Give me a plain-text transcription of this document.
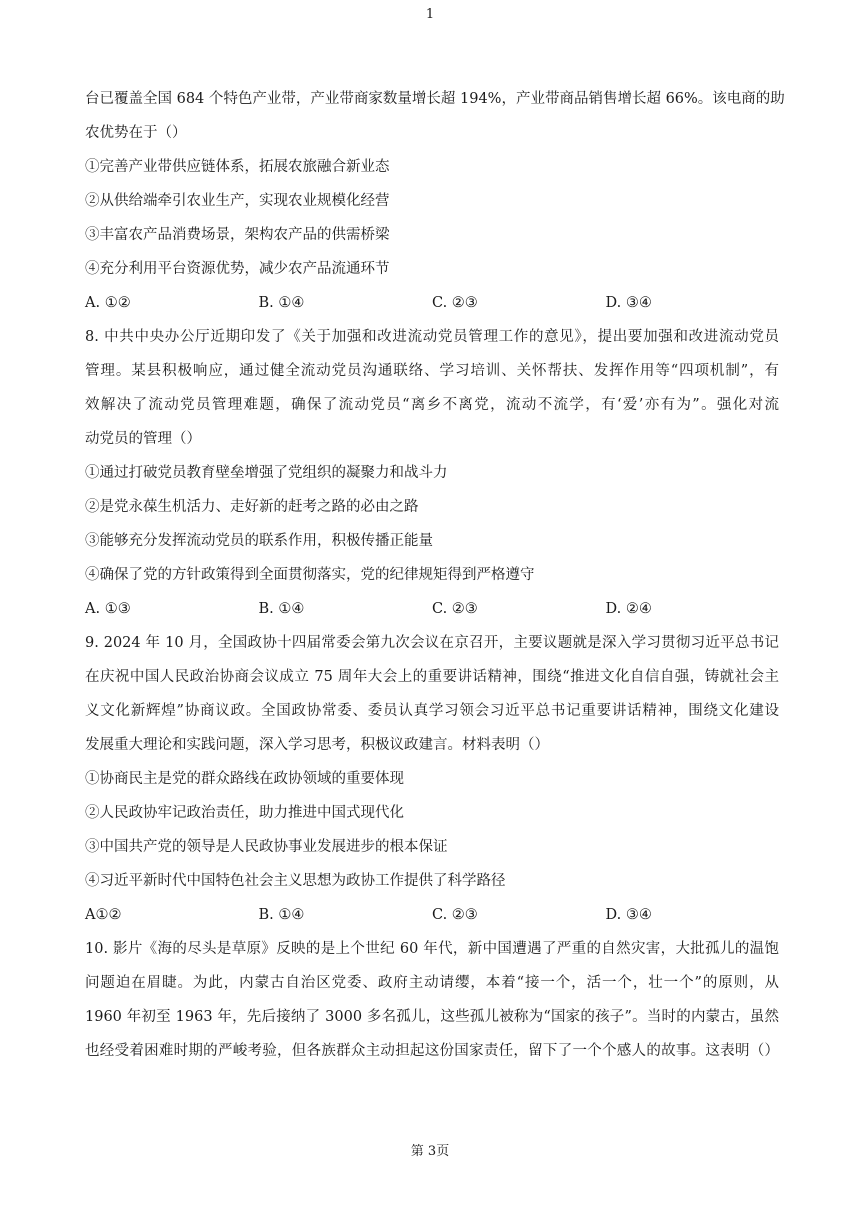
1
台已覆盖全国 684 个特色产业带，产业带商家数量增长超 194%，产业带商品销售增长超 66%。该电商的助
农优势在于（）
①完善产业带供应链体系，拓展农旅融合新业态
②从供给端牵引农业生产，实现农业规模化经营
③丰富农产品消费场景，架构农产品的供需桥梁
④充分利用平台资源优势，减少农产品流通环节
A. ①②	B. ①④	C. ②③	D. ③④
8. 中共中央办公厅近期印发了《关于加强和改进流动党员管理工作的意见》，提出要加强和改进流动党员
管理。某县积极响应，通过健全流动党员沟通联络、学习培训、关怀帮扶、发挥作用等“四项机制”，有
效解决了流动党员管理难题，确保了流动党员“离乡不离党，流动不流学，有‘爱’亦有为”。强化对流
动党员的管理（）
①通过打破党员教育壁垒增强了党组织的凝聚力和战斗力
②是党永葆生机活力、走好新的赶考之路的必由之路
③能够充分发挥流动党员的联系作用，积极传播正能量
④确保了党的方针政策得到全面贯彻落实，党的纪律规矩得到严格遵守
A. ①③	B. ①④	C. ②③	D. ②④
9. 2024 年 10 月，全国政协十四届常委会第九次会议在京召开，主要议题就是深入学习贯彻习近平总书记
在庆祝中国人民政治协商会议成立 75 周年大会上的重要讲话精神，围绕“推进文化自信自强，铸就社会主
义文化新辉煌”协商议政。全国政协常委、委员认真学习领会习近平总书记重要讲话精神，围绕文化建设
发展重大理论和实践问题，深入学习思考，积极议政建言。材料表明（）
①协商民主是党的群众路线在政协领域的重要体现
②人民政协牢记政治责任，助力推进中国式现代化
③中国共产党的领导是人民政协事业发展进步的根本保证
④习近平新时代中国特色社会主义思想为政协工作提供了科学路径
A①②	B. ①④	C. ②③	D. ③④
10. 影片《海的尽头是草原》反映的是上个世纪 60 年代，新中国遭遇了严重的自然灾害，大批孤儿的温饱
问题迫在眉睫。为此，内蒙古自治区党委、政府主动请缨，本着“接一个，活一个，壮一个”的原则，从
1960 年初至 1963 年，先后接纳了 3000 多名孤儿，这些孤儿被称为“国家的孩子”。当时的内蒙古，虽然
也经受着困难时期的严峻考验，但各族群众主动担起这份国家责任，留下了一个个感人的故事。这表明（）
第 3页
